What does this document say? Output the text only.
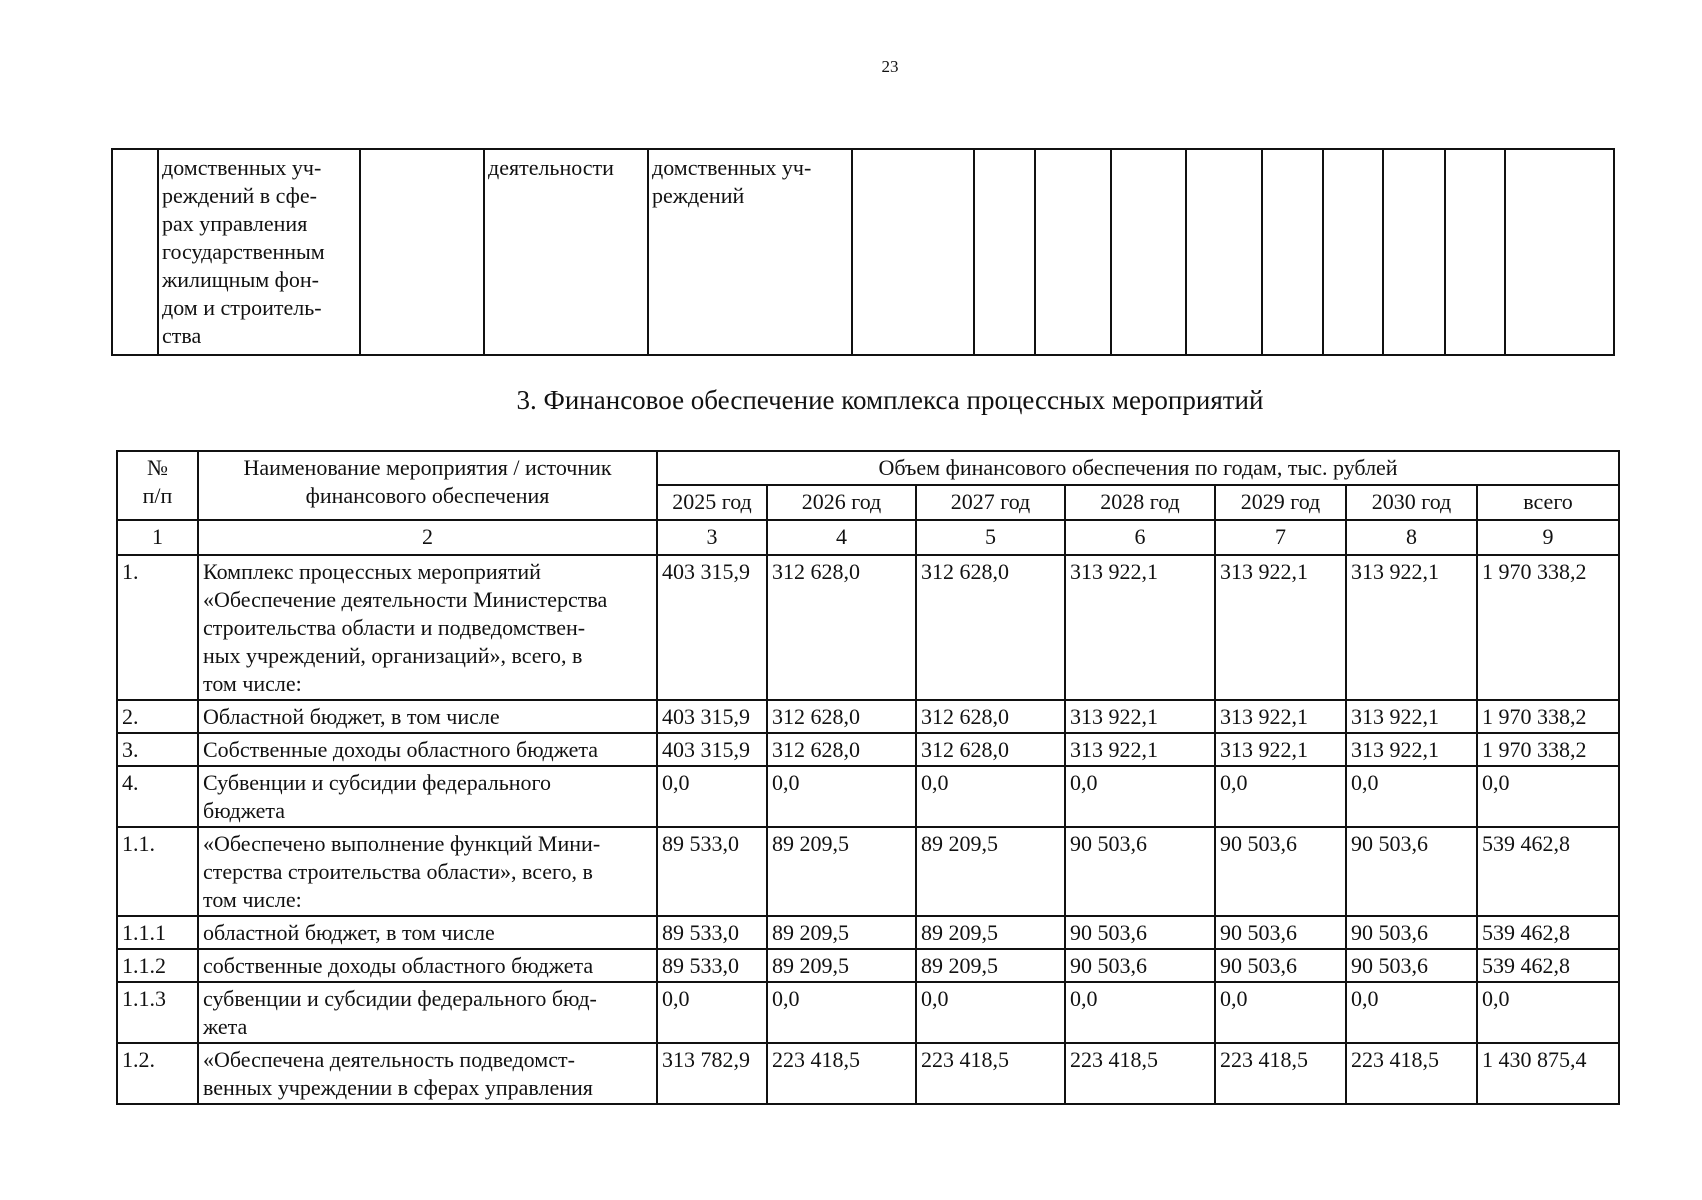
23
	домственных уч-
реждений в сфе-
рах управления
государственным
жилищным фон-
дом и строитель-
ства		деятельности	домственных уч-
реждений										
3. Финансовое обеспечение комплекса процессных мероприятий
№
п/п	Наименование мероприятия / источник
финансового обеспечения	Объем финансового обеспечения по годам, тыс. рублей						
		2025 год	2026 год	2027 год	2028 год	2029 год	2030 год	всего
1	2	3	4	5	6	7	8	9
1.	Комплекс процессных мероприятий
«Обеспечение деятельности Министерства
строительства области и подведомствен-
ных учреждений, организаций», всего, в
том числе:	403 315,9	312 628,0	312 628,0	313 922,1	313 922,1	313 922,1	1 970 338,2
2.	Областной бюджет, в том числе	403 315,9	312 628,0	312 628,0	313 922,1	313 922,1	313 922,1	1 970 338,2
3.	Собственные доходы областного бюджета	403 315,9	312 628,0	312 628,0	313 922,1	313 922,1	313 922,1	1 970 338,2
4.	Субвенции и субсидии федерального
бюджета	0,0	0,0	0,0	0,0	0,0	0,0	0,0
1.1.	«Обеспечено выполнение функций Мини-
стерства строительства области», всего, в
том числе:	89 533,0	89 209,5	89 209,5	90 503,6	90 503,6	90 503,6	539 462,8
1.1.1	областной бюджет, в том числе	89 533,0	89 209,5	89 209,5	90 503,6	90 503,6	90 503,6	539 462,8
1.1.2	собственные доходы областного бюджета	89 533,0	89 209,5	89 209,5	90 503,6	90 503,6	90 503,6	539 462,8
1.1.3	субвенции и субсидии федерального бюд-
жета	0,0	0,0	0,0	0,0	0,0	0,0	0,0
1.2.	«Обеспечена деятельность подведомст-
венных учреждении в сферах управления	313 782,9	223 418,5	223 418,5	223 418,5	223 418,5	223 418,5	1 430 875,4
